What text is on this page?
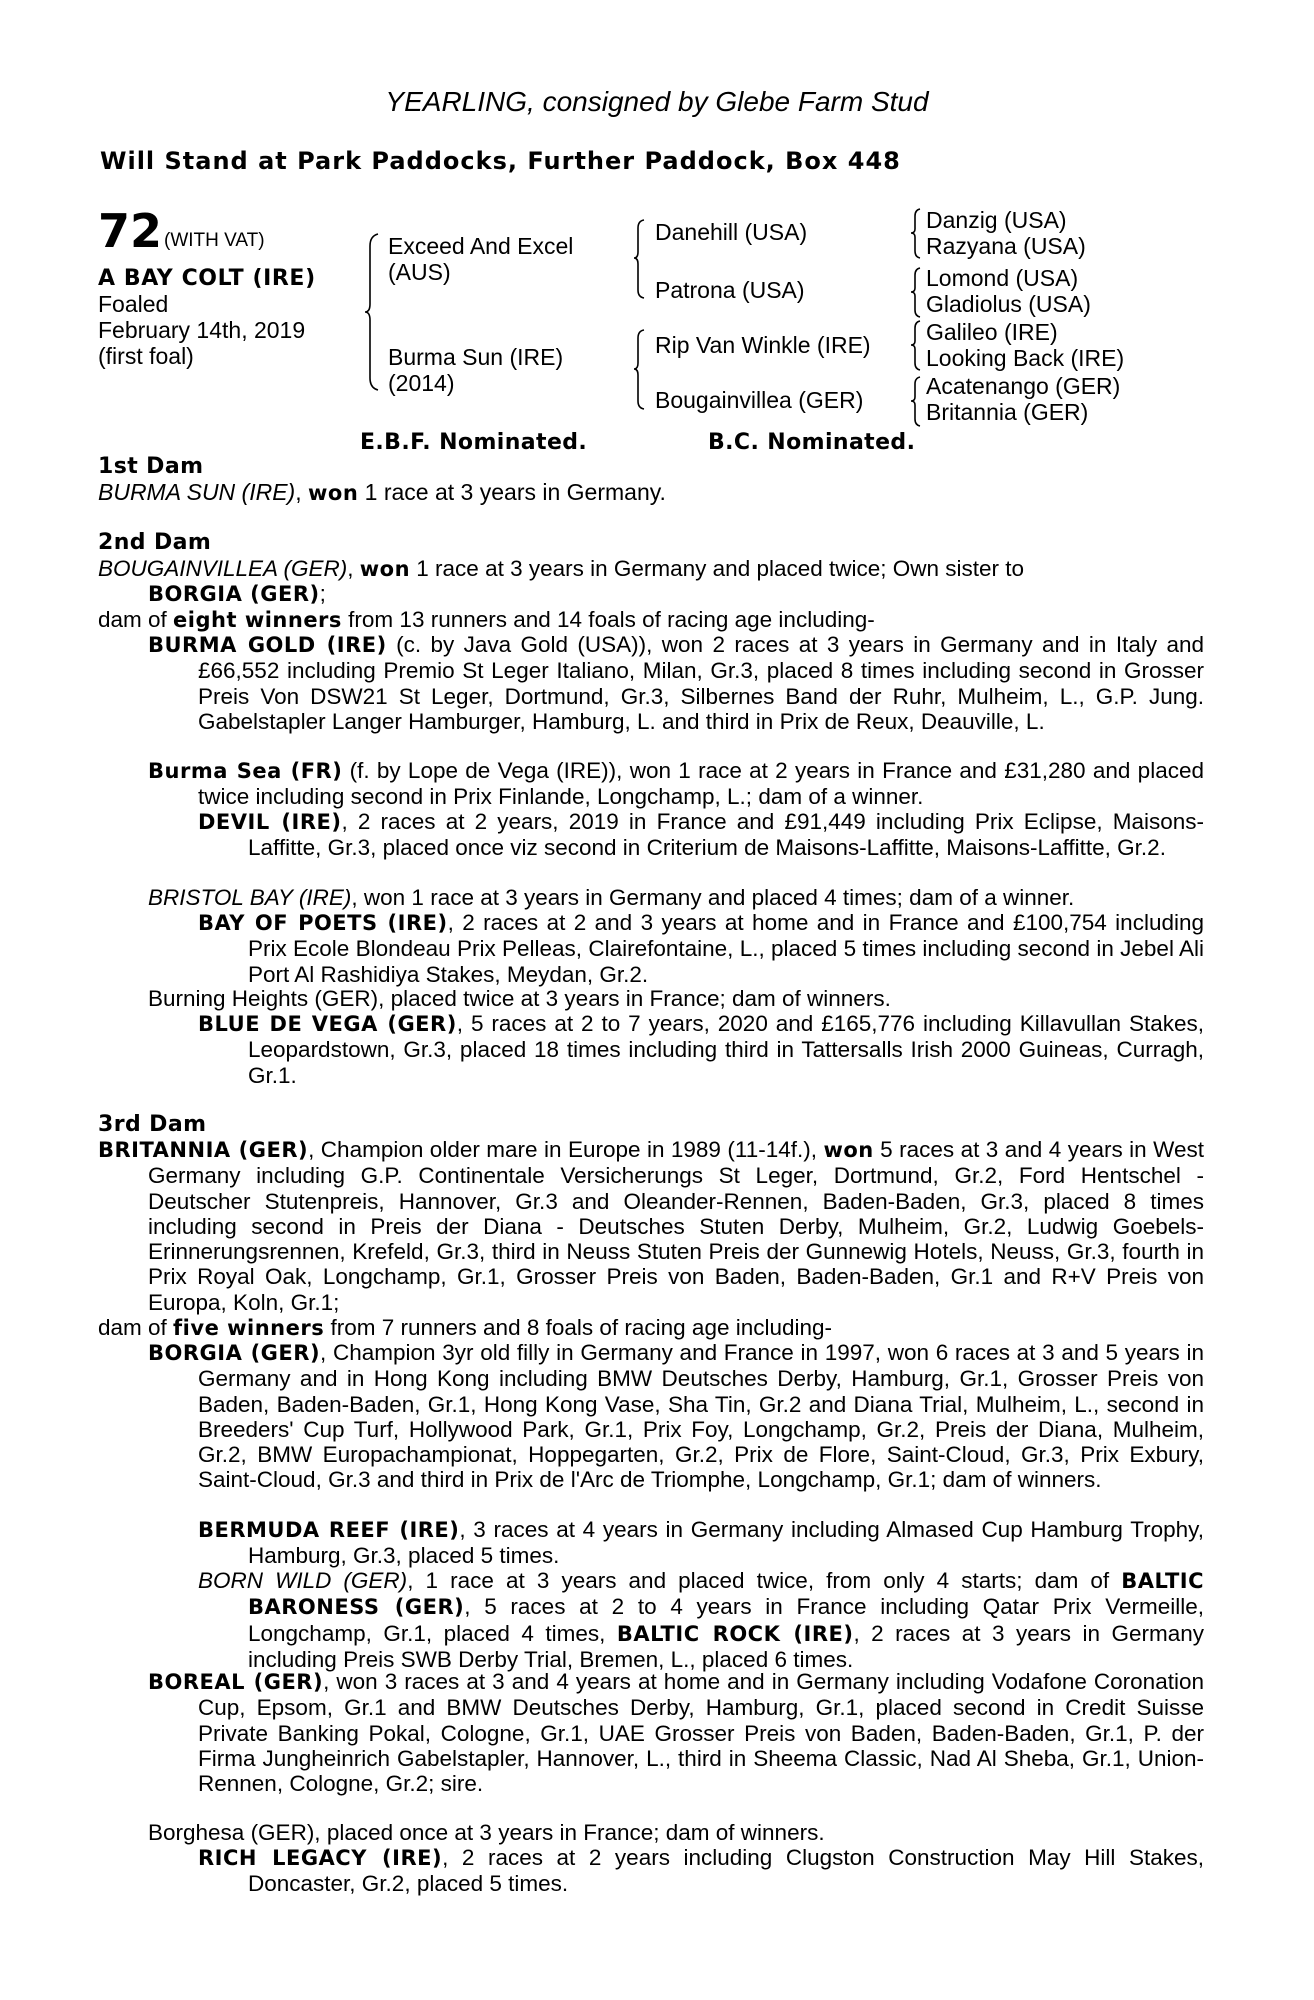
YEARLING, consigned by Glebe Farm Stud
Will Stand at Park Paddocks, Further Paddock, Box 448
72 (WITH VAT)
A BAY COLT (IRE)
Foaled
February 14th, 2019
(first foal)
Exceed And Excel
(AUS)
Burma Sun (IRE)
(2014)
Danehill (USA)
Patrona (USA)
Rip Van Winkle (IRE)
Bougainvillea (GER)
Danzig (USA)
Razyana (USA)
Lomond (USA)
Gladiolus (USA)
Galileo (IRE)
Looking Back (IRE)
Acatenango (GER)
Britannia (GER)
E.B.F. Nominated.	B.C. Nominated.
1st Dam
BURMA SUN (IRE), won 1 race at 3 years in Germany.
2nd Dam

BOUGAINVILLEA (GER), won 1 race at 3 years in Germany and placed twice; Own sister to

BORGIA (GER);
dam of eight winners from 13 runners and 14 foals of racing age including-

BURMA GOLD (IRE) (c. by Java Gold (USA)), won 2 races at 3 years in Germany and in Italy and £66,552 including Premio St Leger Italiano, Milan, Gr.3, placed 8 times including second in Grosser Preis Von DSW21 St Leger, Dortmund, Gr.3, Silbernes Band der Ruhr, Mulheim, L., G.P. Jung. Gabelstapler Langer Hamburger, Hamburg, L. and third in Prix de Reux, Deauville, L.

Burma Sea (FR) (f. by Lope de Vega (IRE)), won 1 race at 2 years in France and £31,280 and placed twice including second in Prix Finlande, Longchamp, L.; dam of a winner.

DEVIL (IRE), 2 races at 2 years, 2019 in France and £91,449 including Prix Eclipse, Maisons-Laffitte, Gr.3, placed once viz second in Criterium de Maisons-Laffitte, Maisons-Laffitte, Gr.2.

BRISTOL BAY (IRE), won 1 race at 3 years in Germany and placed 4 times; dam of a winner.

BAY OF POETS (IRE), 2 races at 2 and 3 years at home and in France and £100,754 including Prix Ecole Blondeau Prix Pelleas, Clairefontaine, L., placed 5 times including second in Jebel Ali Port Al Rashidiya Stakes, Meydan, Gr.2.

Burning Heights (GER), placed twice at 3 years in France; dam of winners.

BLUE DE VEGA (GER), 5 races at 2 to 7 years, 2020 and £165,776 including Killavullan Stakes, Leopardstown, Gr.3, placed 18 times including third in Tattersalls Irish 2000 Guineas, Curragh, Gr.1.

3rd Dam

BRITANNIA (GER), Champion older mare in Europe in 1989 (11-14f.), won 5 races at 3 and 4 years in West Germany including G.P. Continentale Versicherungs St Leger, Dortmund, Gr.2, Ford Hentschel - Deutscher Stutenpreis, Hannover, Gr.3 and Oleander-Rennen, Baden-Baden, Gr.3, placed 8 times including second in Preis der Diana - Deutsches Stuten Derby, Mulheim, Gr.2, Ludwig Goebels-Erinnerungsrennen, Krefeld, Gr.3, third in Neuss Stuten Preis der Gunnewig Hotels, Neuss, Gr.3, fourth in Prix Royal Oak, Longchamp, Gr.1, Grosser Preis von Baden, Baden-Baden, Gr.1 and R+V Preis von Europa, Koln, Gr.1;

dam of five winners from 7 runners and 8 foals of racing age including-

BORGIA (GER), Champion 3yr old filly in Germany and France in 1997, won 6 races at 3 and 5 years in Germany and in Hong Kong including BMW Deutsches Derby, Hamburg, Gr.1, Grosser Preis von Baden, Baden-Baden, Gr.1, Hong Kong Vase, Sha Tin, Gr.2 and Diana Trial, Mulheim, L., second in Breeders' Cup Turf, Hollywood Park, Gr.1, Prix Foy, Longchamp, Gr.2, Preis der Diana, Mulheim, Gr.2, BMW Europachampionat, Hoppegarten, Gr.2, Prix de Flore, Saint-Cloud, Gr.3, Prix Exbury, Saint-Cloud, Gr.3 and third in Prix de l'Arc de Triomphe, Longchamp, Gr.1; dam of winners.

BERMUDA REEF (IRE), 3 races at 4 years in Germany including Almased Cup Hamburg Trophy, Hamburg, Gr.3, placed 5 times.

BORN WILD (GER), 1 race at 3 years and placed twice, from only 4 starts; dam of BALTIC BARONESS (GER), 5 races at 2 to 4 years in France including Qatar Prix Vermeille, Longchamp, Gr.1, placed 4 times, BALTIC ROCK (IRE), 2 races at 3 years in Germany including Preis SWB Derby Trial, Bremen, L., placed 6 times.

BOREAL (GER), won 3 races at 3 and 4 years at home and in Germany including Vodafone Coronation Cup, Epsom, Gr.1 and BMW Deutsches Derby, Hamburg, Gr.1, placed second in Credit Suisse Private Banking Pokal, Cologne, Gr.1, UAE Grosser Preis von Baden, Baden-Baden, Gr.1, P. der Firma Jungheinrich Gabelstapler, Hannover, L., third in Sheema Classic, Nad Al Sheba, Gr.1, Union-Rennen, Cologne, Gr.2; sire.

Borghesa (GER), placed once at 3 years in France; dam of winners.

RICH LEGACY (IRE), 2 races at 2 years including Clugston Construction May Hill Stakes, Doncaster, Gr.2, placed 5 times.
